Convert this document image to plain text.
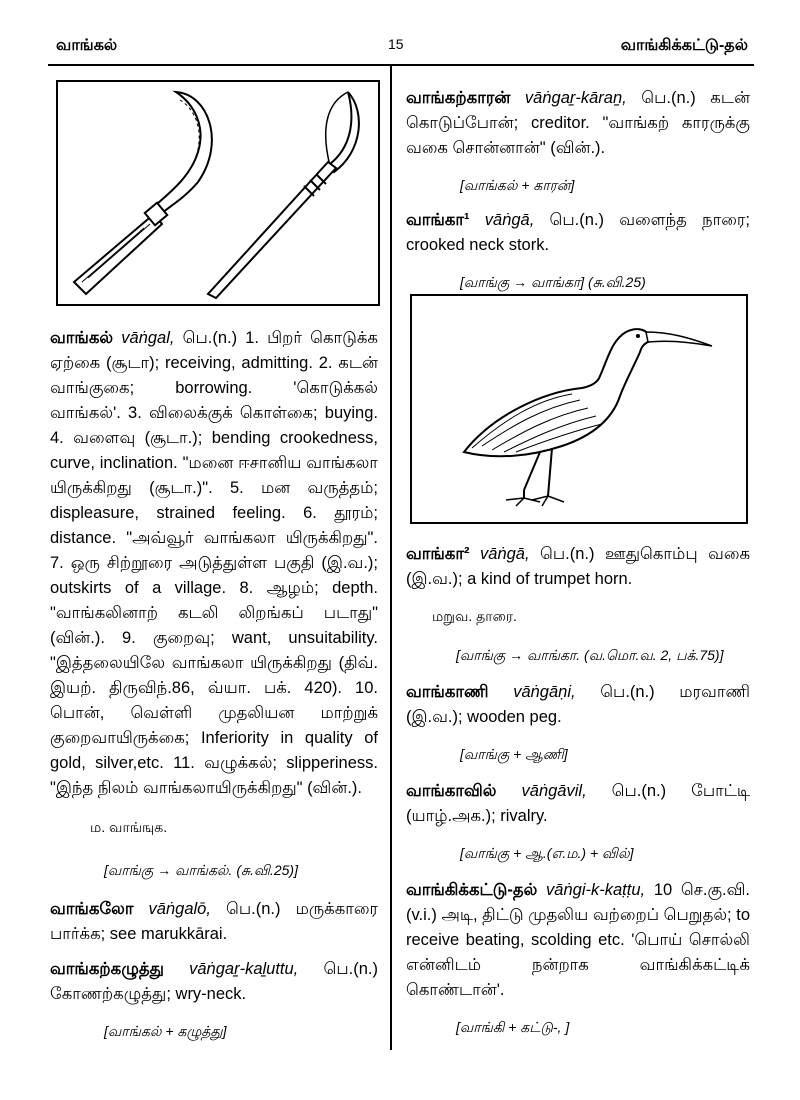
வாங்கல்	15	வாங்கிக்கட்டு-தல்

வாங்கல் vāṅgal, பெ.(n.) 1. பிறர் கொடுக்க ஏற்கை (சூடா); receiving, admitting. 2. கடன் வாங்குகை; borrowing. 'கொடுக்கல் வாங்கல்'. 3. விலைக்குக் கொள்கை; buying. 4. வளைவு (சூடா.); bending crookedness, curve, inclination. "மனை ஈசானிய வாங்கலா யிருக்கிறது (சூடா.)". 5. மன வருத்தம்; displeasure, strained feeling. 6. தூரம்; distance. "அவ்வூர் வாங்கலா யிருக்கிறது". 7. ஒரு சிற்றூரை அடுத்துள்ள பகுதி (இ.வ.); outskirts of a village. 8. ஆழம்; depth. "வாங்கலினாற் கடலி லிறங்கப் படாது" (வின்.). 9. குறைவு; want, unsuitability. "இத்தலையிலே வாங்கலா யிருக்கிறது (திவ். இயற். திருவிந்.86, வ்யா. பக். 420). 10. பொன், வெள்ளி முதலியன மாற்றுக் குறைவாயிருக்கை; Inferiority in quality of gold, silver,etc. 11. வழுக்கல்; slipperiness. "இந்த நிலம் வாங்கலாயிருக்கிறது" (வின்.).

ம. வாங்ஙுக.

[வாங்கு → வாங்கல். (சு.வி.25)]

வாங்கலோ vāṅgalō, பெ.(n.) மருக்காரை பார்க்க; see marukkārai.

வாங்கற்கழுத்து vāṅgaṟ-kaḻuttu, பெ.(n.) கோணற்கழுத்து; wry-neck.

[வாங்கல் + கழுத்து]

வாங்கற்காரன் vāṅgaṟ-kāraṉ, பெ.(n.) கடன் கொடுப்போன்; creditor. "வாங்கற் காரருக்கு வகை சொன்னான்" (வின்.).

[வாங்கல் + காரன்]

வாங்கா¹ vāṅgā, பெ.(n.) வளைந்த நாரை; crooked neck stork.

[வாங்கு → வாங்கா] (சு.வி.25)

வாங்கா² vāṅgā, பெ.(n.) ஊதுகொம்பு வகை (இ.வ.); a kind of trumpet horn.

மறுவ. தாரை.

[வாங்கு → வாங்கா. (வ.மொ.வ. 2, பக்.75)]

வாங்காணி vāṅgāṇi, பெ.(n.) மரவாணி (இ.வ.); wooden peg.

[வாங்கு + ஆணி]

வாங்காவில் vāṅgāvil, பெ.(n.) போட்டி (யாழ்.அக.); rivalry.

[வாங்கு + ஆ.(எ.ம.) + வில்]

வாங்கிக்கட்டு-தல் vāṅgi-k-kaṭṭu, 10 செ.கு.வி. (v.i.) அடி, திட்டு முதலிய வற்றைப் பெறுதல்; to receive beating, scolding etc. 'பொய் சொல்லி என்னிடம் நன்றாக வாங்கிக்கட்டிக் கொண்டான்'.

[வாங்கி + கட்டு-, ]
